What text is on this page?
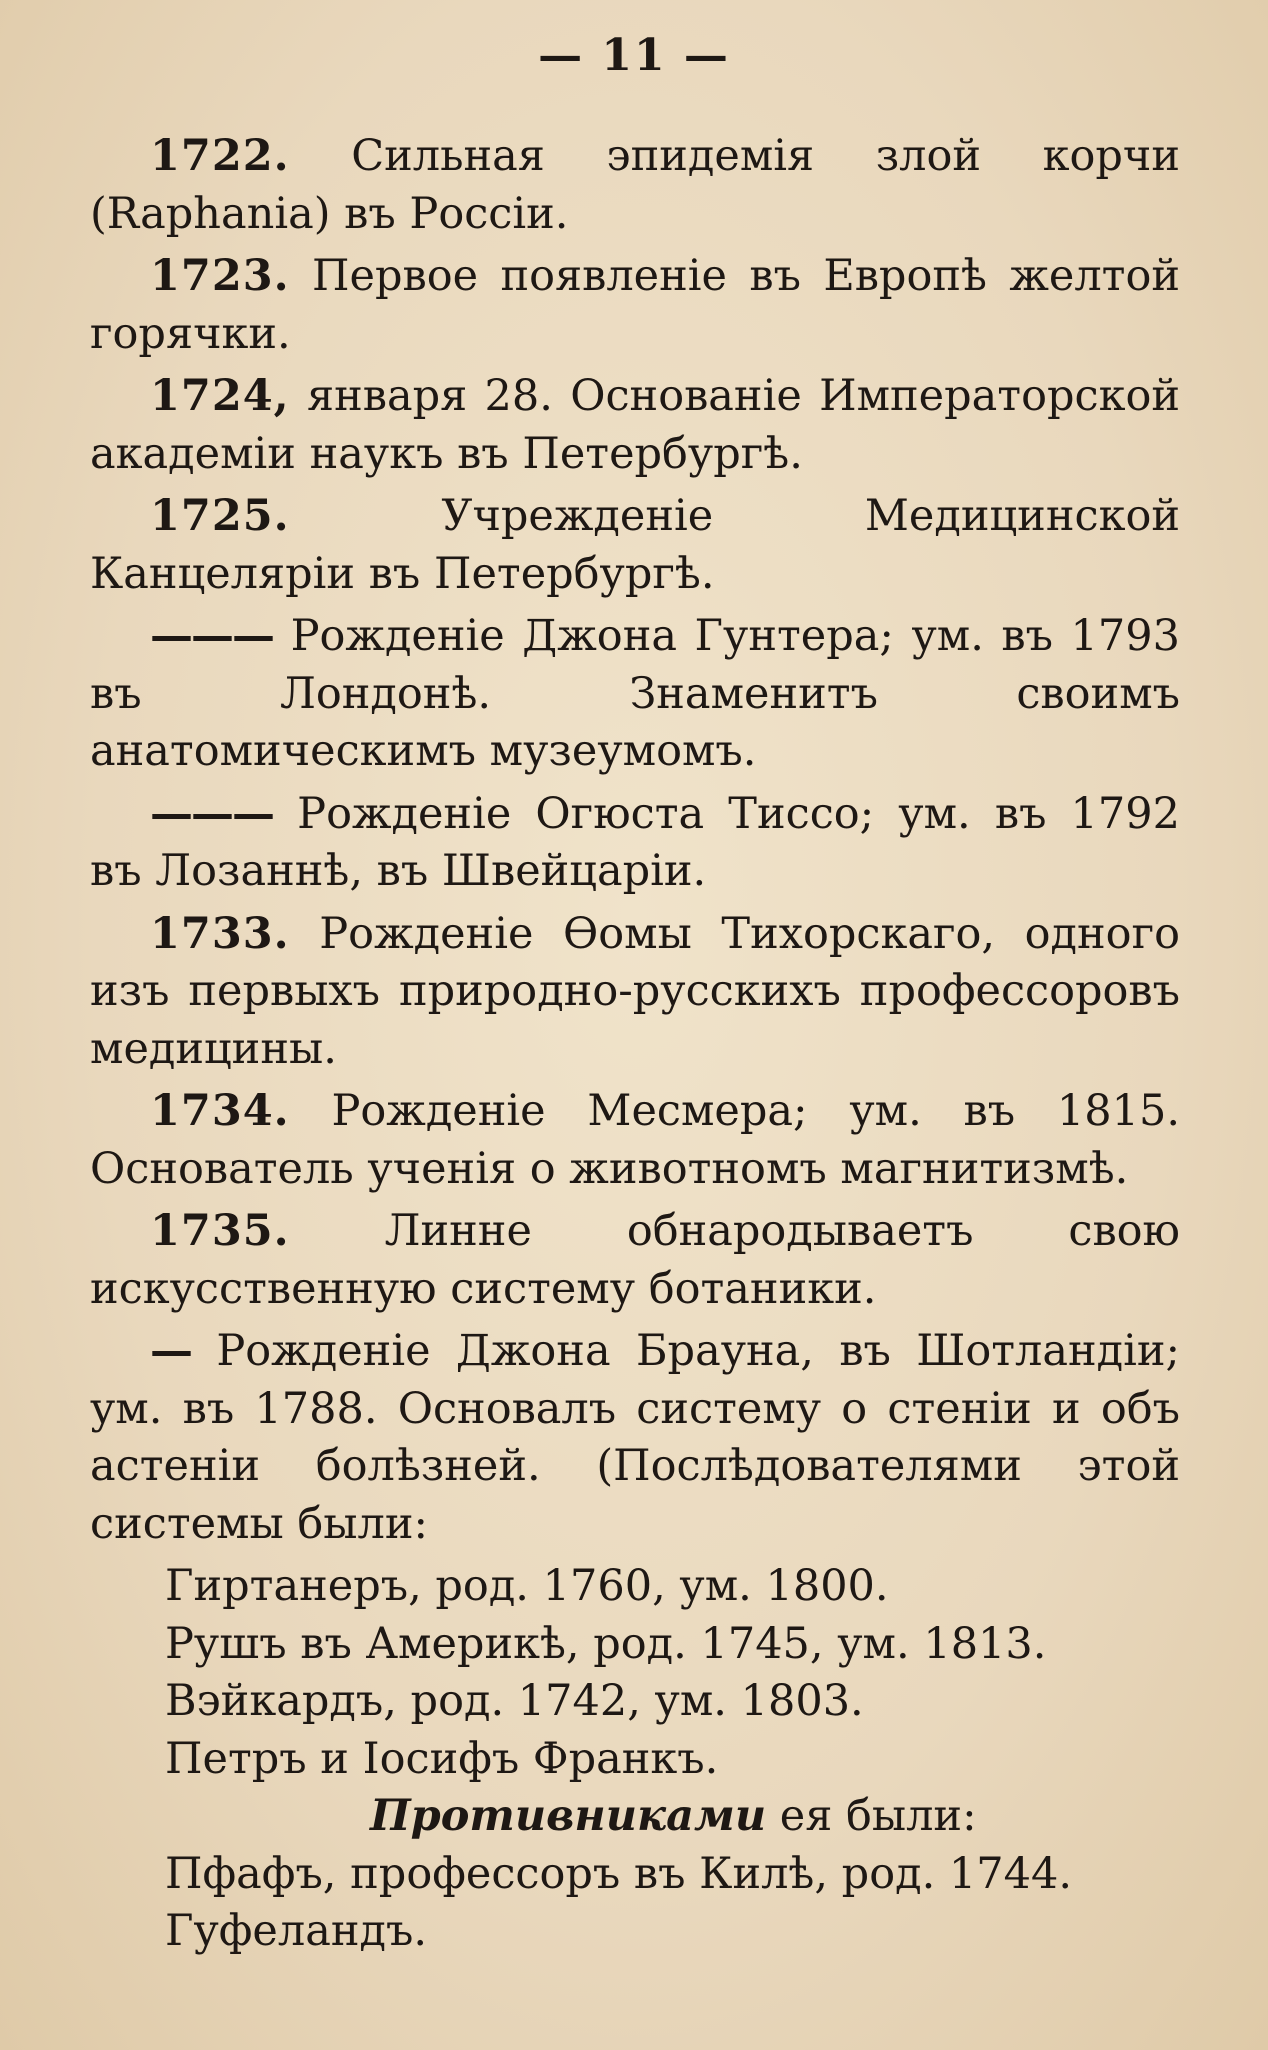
— 11 —

1722. Сильная эпидемія злой корчи (Raphania) въ Россіи.

1723. Первое появленіе въ Европѣ желтой горячки.

1724, января 28. Основаніе Императорской академіи наукъ въ Петербургѣ.

1725. Учрежденіе Медицинской Канцеляріи въ Петербургѣ.

——— Рожденіе Джона Гунтера; ум. въ 1793 въ Лондонѣ. Знаменитъ своимъ анатомическимъ музеумомъ.

——— Рожденіе Огюста Тиссо; ум. въ 1792 въ Лозаннѣ, въ Швейцаріи.

1733. Рожденіе Ѳомы Тихорскаго, одного изъ первыхъ природно-русскихъ профессоровъ медицины.

1734. Рожденіе Месмера; ум. въ 1815. Основатель ученія о животномъ магнитизмѣ.

1735. Линне обнародываетъ свою искусственную систему ботаники.

— Рожденіе Джона Брауна, въ Шотландіи; ум. въ 1788. Основалъ систему о стеніи и объ астеніи болѣзней. (Послѣдователями этой системы были:

Гиртанеръ, род. 1760, ум. 1800.
Рушъ въ Америкѣ, род. 1745, ум. 1813.
Вэйкардъ, род. 1742, ум. 1803.
Петръ и Іосифъ Франкъ.
Противниками ея были:
Пфафъ, профессоръ въ Килѣ, род. 1744.
Гуфеландъ.
